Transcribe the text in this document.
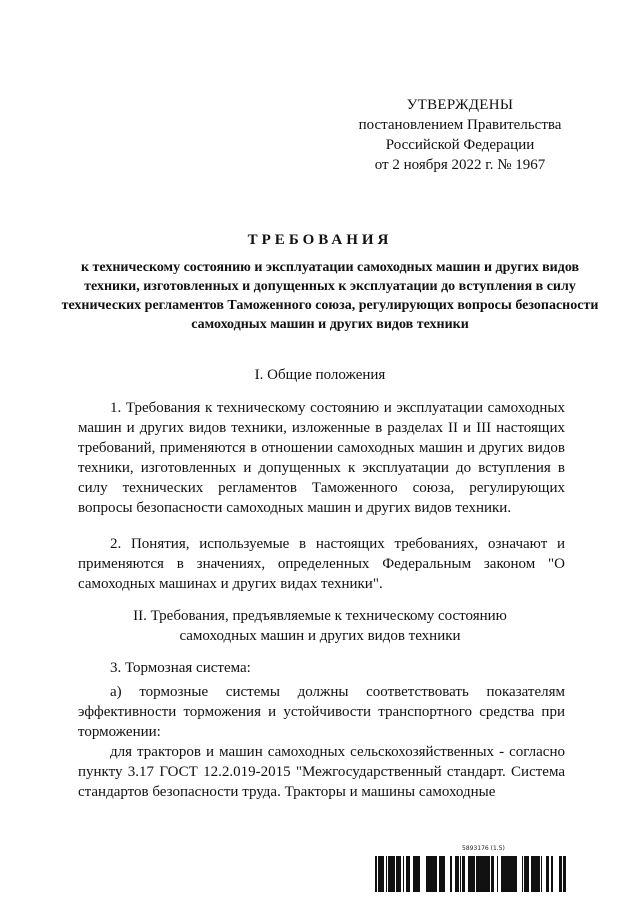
УТВЕРЖДЕНЫ
постановлением Правительства
Российской Федерации
от 2 ноября 2022 г. № 1967
ТРЕБОВАНИЯ
к техническому состоянию и эксплуатации самоходных машин и других видов техники, изготовленных и допущенных к эксплуатации до вступления в силу технических регламентов Таможенного союза, регулирующих вопросы безопасности самоходных машин и других видов техники
I. Общие положения

1. Требования к техническому состоянию и эксплуатации самоходных машин и других видов техники, изложенные в разделах II и III настоящих требований, применяются в отношении самоходных машин и других видов техники, изготовленных и допущенных к эксплуатации до вступления в силу технических регламентов Таможенного союза, регулирующих вопросы безопасности самоходных машин и других видов техники.

2. Понятия, используемые в настоящих требованиях, означают и применяются в значениях, определенных Федеральным законом "О самоходных машинах и других видах техники".

II. Требования, предъявляемые к техническому состоянию
самоходных машин и других видов техники

3. Тормозная система:

а) тормозные системы должны соответствовать показателям эффективности торможения и устойчивости транспортного средства при торможении:

для тракторов и машин самоходных сельскохозяйственных - согласно пункту 3.17 ГОСТ 12.2.019-2015 "Межгосударственный стандарт. Система стандартов безопасности труда. Тракторы и машины самоходные

5893176 (1.5)
